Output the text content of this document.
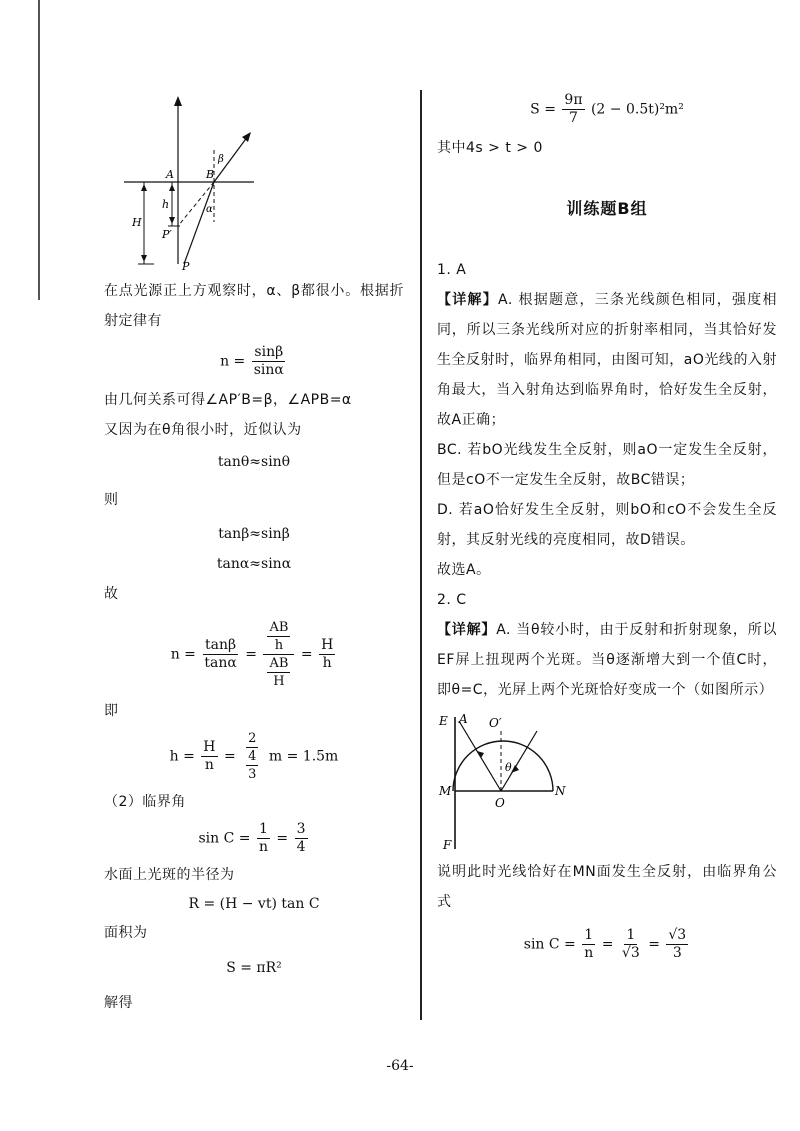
A	B
h
H
P′
P
α
β

在点光源正上方观察时，α、β都很小。根据折射定律有

$n = \frac{\sin\beta}{\sin\alpha}$

由几何关系可得∠AP′B=β，∠APB=α

又因为在θ角很小时，近似认为

tanθ≈sinθ

则

tanβ≈sinβ
tanα≈sinα

故

$n = \frac{\tan\beta}{\tan\alpha} = \frac{\frac{AB}{h}}{\frac{AB}{H}} = \frac{H}{h}$

即

$h = \frac{H}{n} = \frac{2}{\frac{4}{3}}$ m = 1.5m

（2）临界角

$\sin C = \frac{1}{n} = \frac{3}{4}$

水面上光斑的半径为

R = (H − vt) tan C

面积为

S = πR²

解得

$S = \frac{9\pi}{7} (2 - 0.5t)^2m^2$

其中4s > t > 0

训练题B组

1. A

【详解】A. 根据题意，三条光线颜色相同，强度相同，所以三条光线所对应的折射率相同，当其恰好发生全反射时，临界角相同，由图可知，aO光线的入射角最大，当入射角达到临界角时，恰好发生全反射，故A正确；

BC. 若bO光线发生全反射，则aO一定发生全反射，但是cO不一定发生全反射，故BC错误；

D. 若aO恰好发生全反射，则bO和cO不会发生全反射，其反射光线的亮度相同，故D错误。

故选A。

2. C

【详解】A. 当θ较小时，由于反射和折射现象，所以EF屏上扭现两个光斑。当θ逐渐增大到一个值C时，即θ=C，光屏上两个光斑恰好变成一个（如图所示）

E A O′
θ
M
O
N
F

说明此时光线恰好在MN面发生全反射，由临界角公式

$\sin C = \frac{1}{n} = \frac{1}{√3} = \frac{√3}{3}$
-64-
